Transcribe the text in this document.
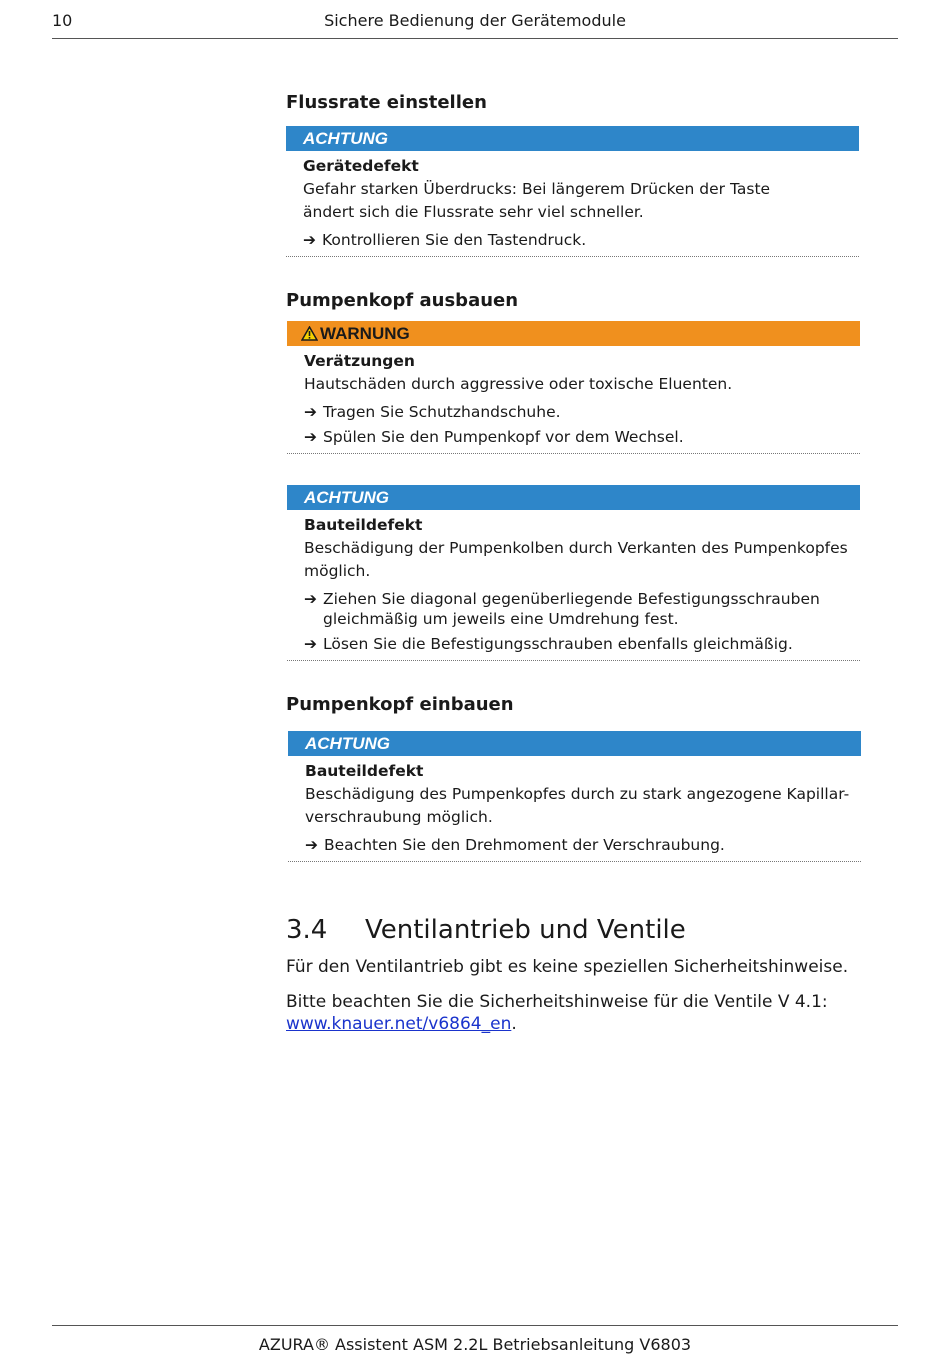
10	Sichere Bedienung der Gerätemodule
Flussrate einstellen
ACHTUNG
Gerätedefekt
Gefahr starken Überdrucks: Bei längerem Drücken der Taste ändert sich die Flussrate sehr viel schneller.
➔ Kontrollieren Sie den Tastendruck.
Pumpenkopf ausbauen
WARNUNG
Verätzungen
Hautschäden durch aggressive oder toxische Eluenten.
➔ Tragen Sie Schutzhandschuhe.
➔ Spülen Sie den Pumpenkopf vor dem Wechsel.
ACHTUNG
Bauteildefekt
Beschädigung der Pumpenkolben durch Verkanten des Pumpenkopfes möglich.
➔ Ziehen Sie diagonal gegenüberliegende Befestigungsschrauben gleichmäßig um jeweils eine Umdrehung fest.
➔ Lösen Sie die Befestigungsschrauben ebenfalls gleichmäßig.
Pumpenkopf einbauen
ACHTUNG
Bauteildefekt
Beschädigung des Pumpenkopfes durch zu stark angezogene Kapillar-verschraubung möglich.
➔ Beachten Sie den Drehmoment der Verschraubung.
3.4 Ventilantrieb und Ventile
Für den Ventilantrieb gibt es keine speziellen Sicherheitshinweise.
Bitte beachten Sie die Sicherheitshinweise für die Ventile V 4.1:
www.knauer.net/v6864_en.
AZURA® Assistent ASM 2.2L Betriebsanleitung V6803
